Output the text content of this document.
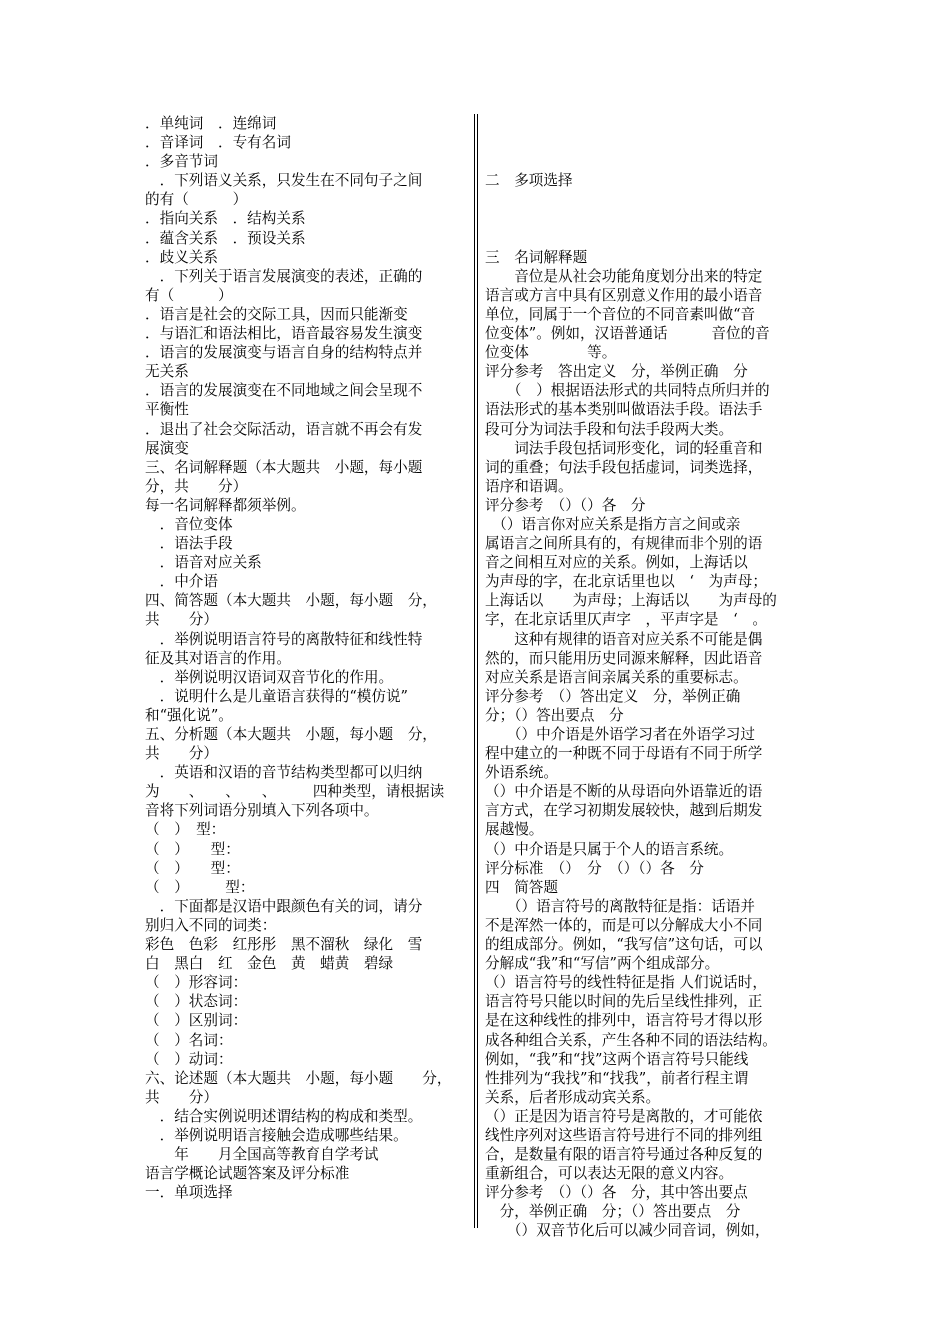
．单纯词　．连绵词
．音译词　．专有名词
．多音节词
　．下列语义关系，只发生在不同句子之间
的有（　　　）
．指向关系　．结构关系
．蕴含关系　．预设关系
．歧义关系
　．下列关于语言发展演变的表述，正确的
有（　　　）
．语言是社会的交际工具，因而只能渐变
．与语汇和语法相比，语音最容易发生演变
．语言的发展演变与语言自身的结构特点并
无关系
．语言的发展演变在不同地域之间会呈现不
平衡性
．退出了社会交际活动，语言就不再会有发
展演变
三、名词解释题（本大题共　小题，每小题
分，共　　分）
每一名词解释都须举例。
　．音位变体
　．语法手段
　．语音对应关系
　．中介语
四、简答题（本大题共　小题，每小题　分，
共　　分）
　．举例说明语言符号的离散特征和线性特
征及其对语言的作用。
　．举例说明汉语词双音节化的作用。
　．说明什么是儿童语言获得的“模仿说”
和“强化说”。
五、分析题（本大题共　小题，每小题　分，
共　　分）
　．英语和汉语的音节结构类型都可以归纳
为　　、　　、　　、　　　四种类型，请根据读
音将下列词语分别填入下列各项中。
（　）　型：
（　）　　型：
（　）　　型：
（　）　　　型：
　．下面都是汉语中跟颜色有关的词，请分
别归入不同的词类：
彩色　色彩　红彤彤　黑不溜秋　绿化　雪
白　黑白　红　金色　黄　蜡黄　碧绿
（　）形容词：
（　）状态词：
（　）区别词：
（　）名词：
（　）动词：
六、论述题（本大题共　小题，每小题　　分，
共　　分）
　．结合实例说明述谓结构的构成和类型。
　．举例说明语言接触会造成哪些结果。
　　年　　月全国高等教育自学考试
语言学概论试题答案及评分标准
一．单项选择
二　多项选择
三　名词解释题
　　音位是从社会功能角度划分出来的特定
语言或方言中具有区别意义作用的最小语音
单位，同属于一个音位的不同音素叫做“音
位变体”。例如，汉语普通话　　　音位的音
位变体　　　　等。
评分参考　答出定义　分，举例正确　分
　　（　）根据语法形式的共同特点所归并的
语法形式的基本类别叫做语法手段。语法手
段可分为词法手段和句法手段两大类。
　　词法手段包括词形变化，词的轻重音和
词的重叠；句法手段包括虚词，词类选择，
语序和语调。
评分参考　（）（）各　分
　（）语言你对应关系是指方言之间或亲
属语言之间所具有的，有规律而非个别的语
音之间相互对应的关系。例如，上海话以
为声母的字，在北京话里也以　‘　为声母；
上海话以　　为声母；上海话以　　为声母的
字，在北京话里仄声字　，平声字是　‘　。
　　这种有规律的语音对应关系不可能是偶
然的，而只能用历史同源来解释，因此语音
对应关系是语言间亲属关系的重要标志。
评分参考　（）答出定义　分，举例正确
分；（）答出要点　分
　　（）中介语是外语学习者在外语学习过
程中建立的一种既不同于母语有不同于所学
外语系统。
（）中介语是不断的从母语向外语靠近的语
言方式，在学习初期发展较快，越到后期发
展越慢。
（）中介语是只属于个人的语言系统。
评分标准　（）　分　（）（）各　分
四　简答题
　　（）语言符号的离散特征是指：话语并
不是浑然一体的，而是可以分解成大小不同
的组成部分。例如，“我写信”这句话，可以
分解成“我”和“写信”两个组成部分。
（）语言符号的线性特征是指 人们说话时，
语言符号只能以时间的先后呈线性排列，正
是在这种线性的排列中，语言符号才得以形
成各种组合关系，产生各种不同的语法结构。
例如，“我”和“找”这两个语言符号只能线
性排列为“我找”和“找我”，前者行程主谓
关系，后者形成动宾关系。
（）正是因为语言符号是离散的，才可能依
线性序列对这些语言符号进行不同的排列组
合，是数量有限的语言符号通过各种反复的
重新组合，可以表达无限的意义内容。
评分参考　（）（）各　分，其中答出要点
　分，举例正确　分；（）答出要点　分
　　（）双音节化后可以减少同音词，例如，
